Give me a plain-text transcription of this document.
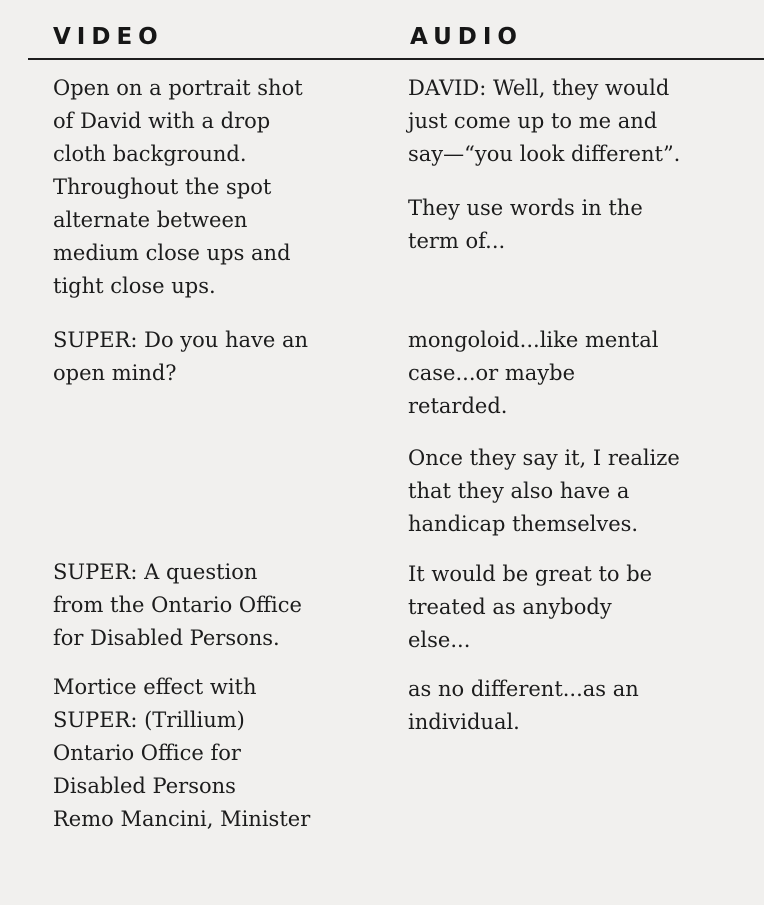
VIDEO	AUDIO

Open on a portrait shot
of David with a drop
cloth background.
Throughout the spot
alternate between
medium close ups and
tight close ups.

SUPER: Do you have an
open mind?

SUPER: A question
from the Ontario Office
for Disabled Persons.

Mortice effect with
SUPER: (Trillium)
Ontario Office for
Disabled Persons
Remo Mancini, Minister

DAVID: Well, they would
just come up to me and
say—“you look different”.

They use words in the
term of...

mongoloid...like mental
case...or maybe
retarded.

Once they say it, I realize
that they also have a
handicap themselves.

It would be great to be
treated as anybody
else...

as no different...as an
individual.
